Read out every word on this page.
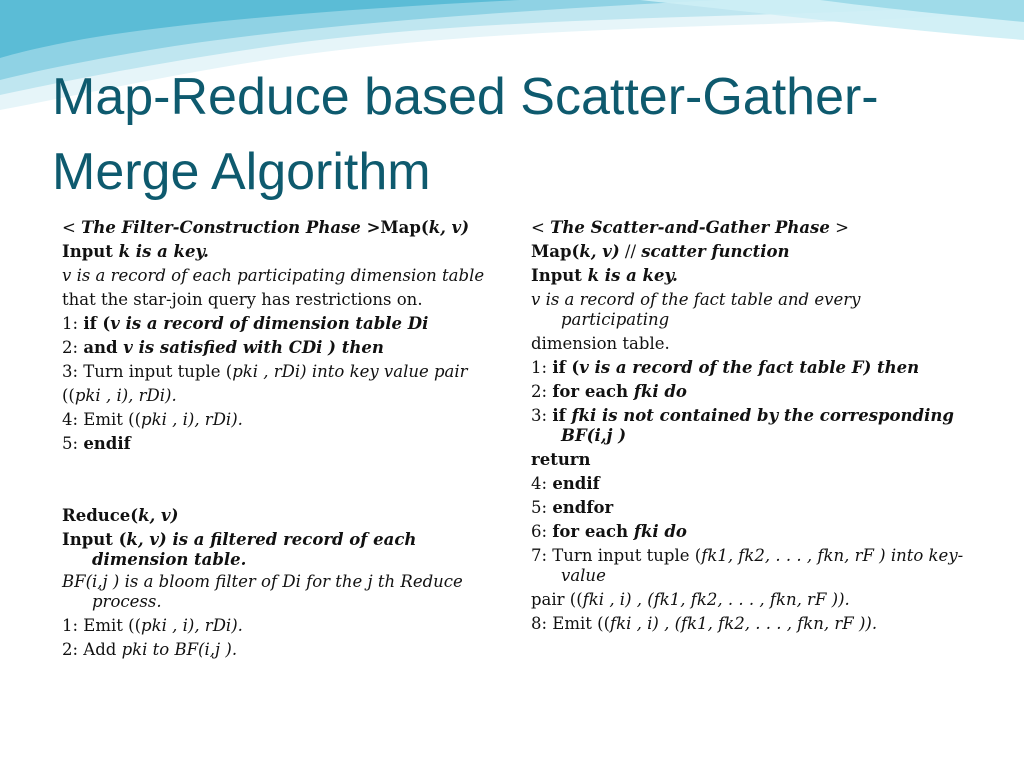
Map-Reduce based Scatter-Gather-Merge Algorithm
< The Filter-Construction Phase >Map(k, v)
Input k is a key.
v is a record of each participating dimension table
that the star-join query has restrictions on.
1: if (v is a record of dimension table Di
2: and v is satisfied with CDi ) then
3: Turn input tuple (pki , rDi) into key value pair
((pki , i), rDi).
4: Emit ((pki , i), rDi).
5: endif
Reduce(k, v)
Input (k, v) is a filtered record of each dimension table.
BF(i,j ) is a bloom filter of Di for the j th Reduce process.
1: Emit ((pki , i), rDi).
2: Add pki to BF(i,j ).
< The Scatter-and-Gather Phase >
Map(k, v) // scatter function
Input k is a key.
v is a record of the fact table and every participating
dimension table.
1: if (v is a record of the fact table F) then
2: for each fki do
3: if fki is not contained by the corresponding BF(i,j )
return
4: endif
5: endfor
6: for each fki do
7: Turn input tuple (fk1, fk2, . . . , fkn, rF ) into key-value
pair ((fki , i) , (fk1, fk2, . . . , fkn, rF )).
8: Emit ((fki , i) , (fk1, fk2, . . . , fkn, rF )).
